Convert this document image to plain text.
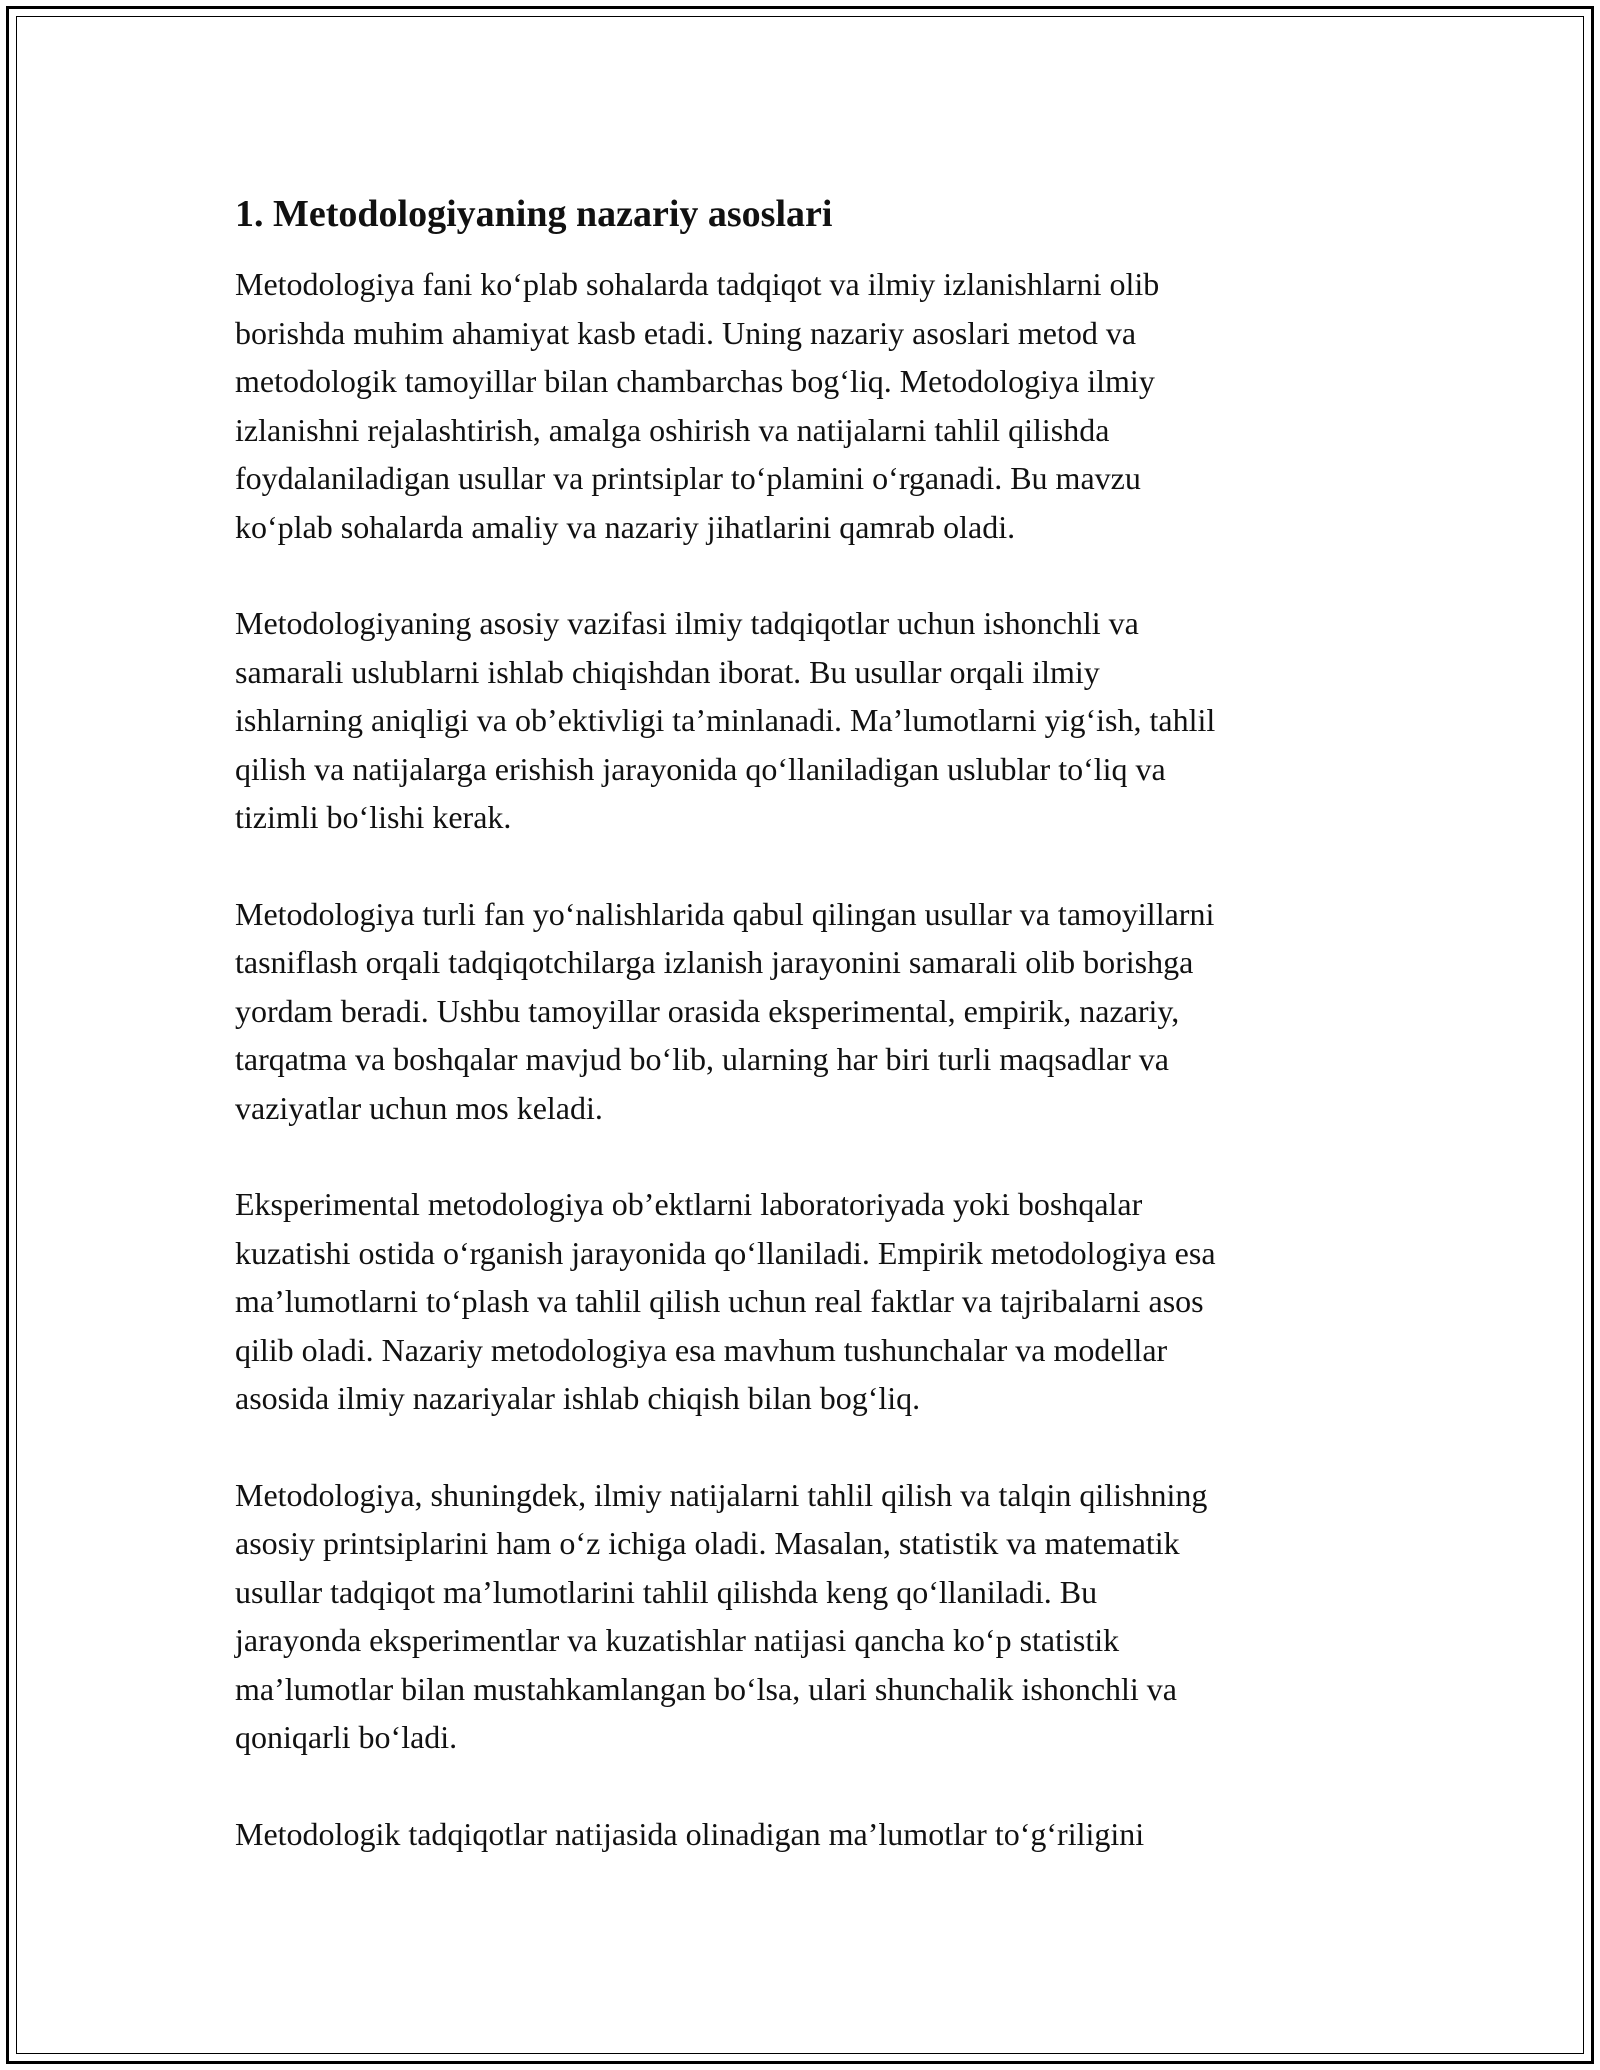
1. Metodologiyaning nazariy asoslari

Metodologiya fani ko‘plab sohalarda tadqiqot va ilmiy izlanishlarni olib
borishda muhim ahamiyat kasb etadi. Uning nazariy asoslari metod va
metodologik tamoyillar bilan chambarchas bog‘liq. Metodologiya ilmiy
izlanishni rejalashtirish, amalga oshirish va natijalarni tahlil qilishda
foydalaniladigan usullar va printsiplar to‘plamini o‘rganadi. Bu mavzu
ko‘plab sohalarda amaliy va nazariy jihatlarini qamrab oladi.

Metodologiyaning asosiy vazifasi ilmiy tadqiqotlar uchun ishonchli va
samarali uslublarni ishlab chiqishdan iborat. Bu usullar orqali ilmiy
ishlarning aniqligi va ob’ektivligi ta’minlanadi. Ma’lumotlarni yig‘ish, tahlil
qilish va natijalarga erishish jarayonida qo‘llaniladigan uslublar to‘liq va
tizimli bo‘lishi kerak.

Metodologiya turli fan yo‘nalishlarida qabul qilingan usullar va tamoyillarni
tasniflash orqali tadqiqotchilarga izlanish jarayonini samarali olib borishga
yordam beradi. Ushbu tamoyillar orasida eksperimental, empirik, nazariy,
tarqatma va boshqalar mavjud bo‘lib, ularning har biri turli maqsadlar va
vaziyatlar uchun mos keladi.

Eksperimental metodologiya ob’ektlarni laboratoriyada yoki boshqalar
kuzatishi ostida o‘rganish jarayonida qo‘llaniladi. Empirik metodologiya esa
ma’lumotlarni to‘plash va tahlil qilish uchun real faktlar va tajribalarni asos
qilib oladi. Nazariy metodologiya esa mavhum tushunchalar va modellar
asosida ilmiy nazariyalar ishlab chiqish bilan bog‘liq.

Metodologiya, shuningdek, ilmiy natijalarni tahlil qilish va talqin qilishning
asosiy printsiplarini ham o‘z ichiga oladi. Masalan, statistik va matematik
usullar tadqiqot ma’lumotlarini tahlil qilishda keng qo‘llaniladi. Bu
jarayonda eksperimentlar va kuzatishlar natijasi qancha ko‘p statistik
ma’lumotlar bilan mustahkamlangan bo‘lsa, ulari shunchalik ishonchli va
qoniqarli bo‘ladi.

Metodologik tadqiqotlar natijasida olinadigan ma’lumotlar to‘g‘riligini
